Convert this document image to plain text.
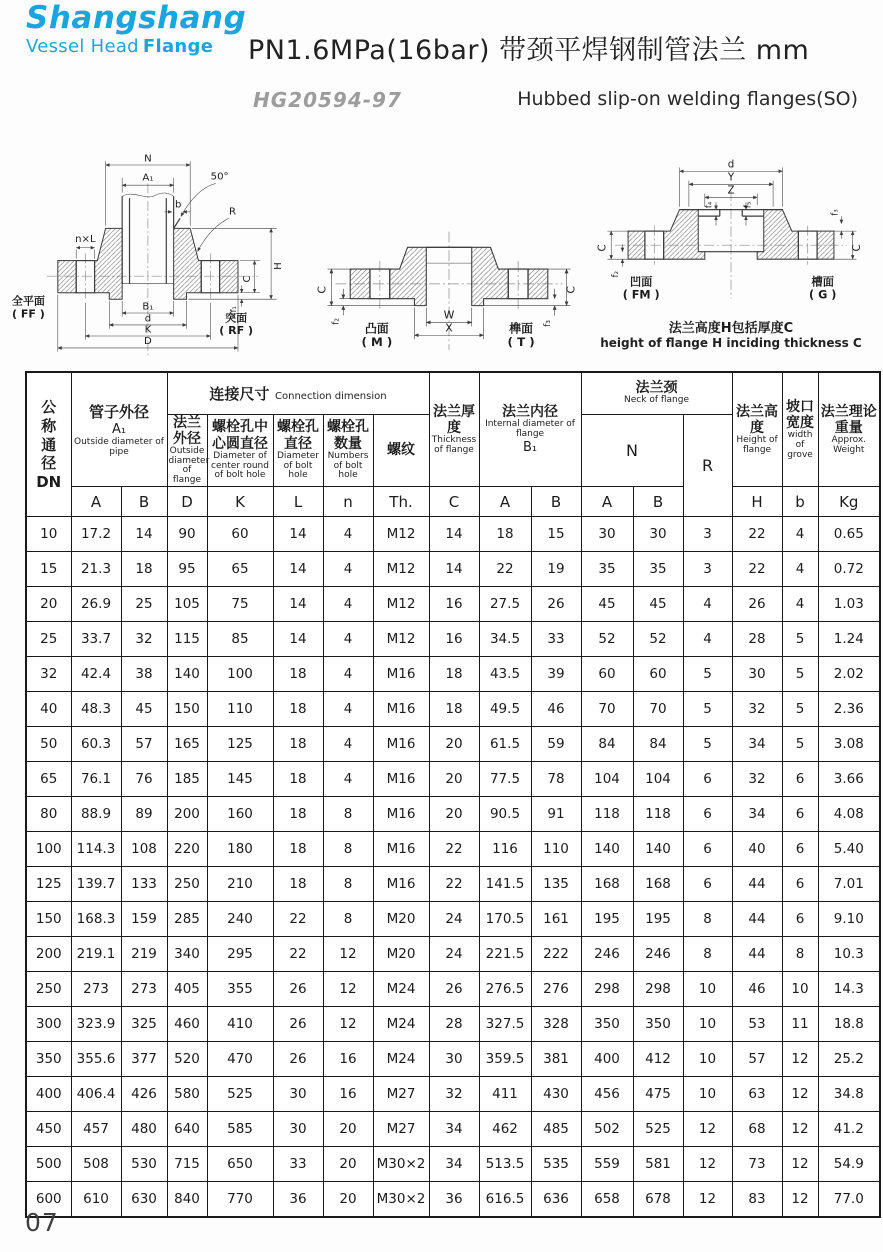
Shangshang
Vessel Head Flange	PN1.6MPa(16bar) 带颈平焊钢制管法兰 mm
HG20594-97	Hubbed slip-on welding flanges(SO)
N
A₁	50°
b
R
n×L
H
C
f₁
B₁
d
K
D
全平面
( FF )	突面
( RF )
C
f₂
C
f₃
W
X
凸面
( M )
榫面
( T )
d
Y
Z
f₄	f₅
C
f₂
f₃
C
凹面
( FM )
槽面
( G )
法兰高度H包括厚度C
height of flange H inciding thickness C
公称通径
DN

管子外径
A₁
Outside diameter of pipe
	连接尺寸 Connection dimension	
法兰厚度
Thickness of flange

法兰内径
Internal diameter of flange
B₁

法兰颈
Neck of flange

法兰高度
Height of flange

坡口宽度
width of grove

法兰理论重量
Approx. Weight

法兰外径
Outside diameter of flange

螺栓孔中心圆直径
Diameter of center round of bolt hole

螺栓孔直径
Diameter of bolt hole

螺栓孔数量
Numbers of bolt hole

螺纹	N

R

	A	B	D	K	L	n	Th.	C	A	B	A	B		H	b	Kg
10	17.2	14	90	60	14	4	M12	14	18	15	30	30	3	22	4	0.65
15	21.3	18	95	65	14	4	M12	14	22	19	35	35	3	22	4	0.72
20	26.9	25	105	75	14	4	M12	16	27.5	26	45	45	4	26	4	1.03
25	33.7	32	115	85	14	4	M12	16	34.5	33	52	52	4	28	5	1.24
32	42.4	38	140	100	18	4	M16	18	43.5	39	60	60	5	30	5	2.02
40	48.3	45	150	110	18	4	M16	18	49.5	46	70	70	5	32	5	2.36
50	60.3	57	165	125	18	4	M16	20	61.5	59	84	84	5	34	5	3.08
65	76.1	76	185	145	18	4	M16	20	77.5	78	104	104	6	32	6	3.66
80	88.9	89	200	160	18	8	M16	20	90.5	91	118	118	6	34	6	4.08
100	114.3	108	220	180	18	8	M16	22	116	110	140	140	6	40	6	5.40
125	139.7	133	250	210	18	8	M16	22	141.5	135	168	168	6	44	6	7.01
150	168.3	159	285	240	22	8	M20	24	170.5	161	195	195	8	44	6	9.10
200	219.1	219	340	295	22	12	M20	24	221.5	222	246	246	8	44	8	10.3
250	273	273	405	355	26	12	M24	26	276.5	276	298	298	10	46	10	14.3
300	323.9	325	460	410	26	12	M24	28	327.5	328	350	350	10	53	11	18.8
350	355.6	377	520	470	26	16	M24	30	359.5	381	400	412	10	57	12	25.2
400	406.4	426	580	525	30	16	M27	32	411	430	456	475	10	63	12	34.8
450	457	480	640	585	30	20	M27	34	462	485	502	525	12	68	12	41.2
500	508	530	715	650	33	20	M30×2	34	513.5	535	559	581	12	73	12	54.9
600	610	630	840	770	36	20	M30×2	36	616.5	636	658	678	12	83	12	77.0
07
